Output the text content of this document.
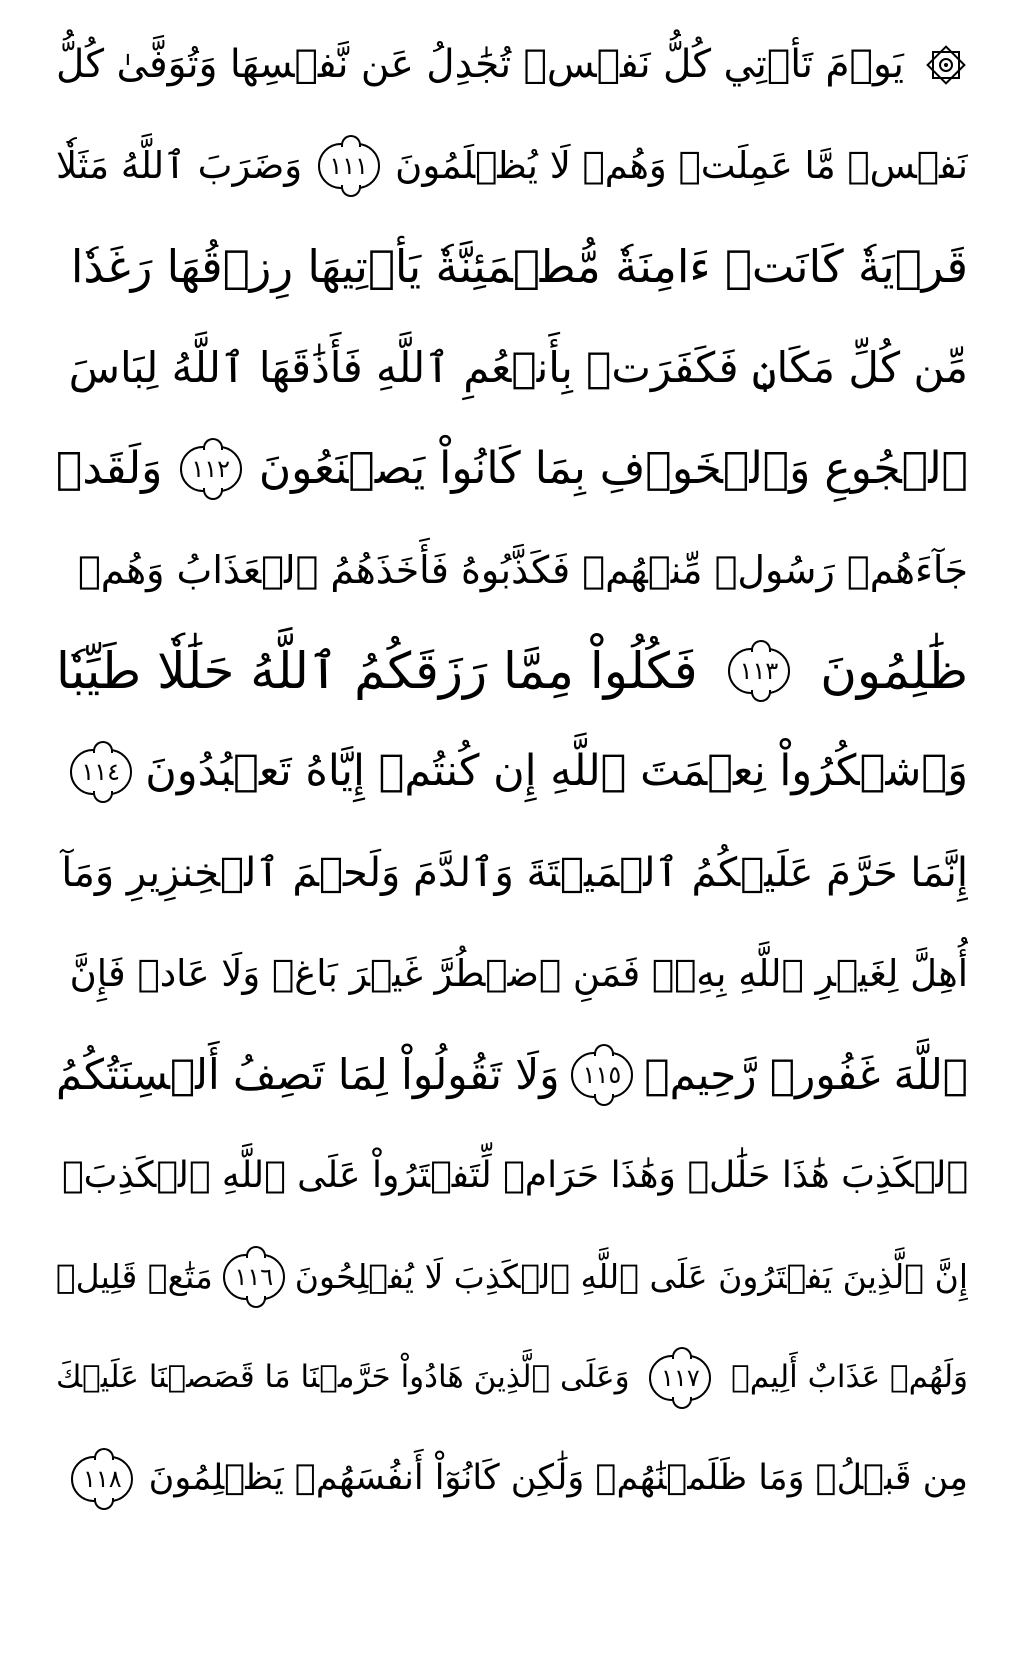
يَوۡمَ تَأۡتِي كُلُّ نَفۡسٖ تُجَٰدِلُ عَن نَّفۡسِهَا وَتُوَفَّىٰ كُلُّ
نَفۡسٖ مَّا عَمِلَتۡ وَهُمۡ لَا يُظۡلَمُونَ
١١١
وَضَرَبَ ٱللَّهُ مَثَلٗا
قَرۡيَةٗ كَانَتۡ ءَامِنَةٗ مُّطۡمَئِنَّةٗ يَأۡتِيهَا رِزۡقُهَا رَغَدٗا
مِّن كُلِّ مَكَانٖ فَكَفَرَتۡ بِأَنۡعُمِ ٱللَّهِ فَأَذَٰقَهَا ٱللَّهُ لِبَاسَ
ٱلۡجُوعِ وَٱلۡخَوۡفِ بِمَا كَانُواْ يَصۡنَعُونَ
١١٢
وَلَقَدۡ
جَآءَهُمۡ رَسُولٞ مِّنۡهُمۡ فَكَذَّبُوهُ فَأَخَذَهُمُ ٱلۡعَذَابُ وَهُمۡ
ظَٰلِمُونَ
١١٣
فَكُلُواْ مِمَّا رَزَقَكُمُ ٱللَّهُ حَلَٰلٗا طَيِّبٗا
وَٱشۡكُرُواْ نِعۡمَتَ ٱللَّهِ إِن كُنتُمۡ إِيَّاهُ تَعۡبُدُونَ
١١٤
إِنَّمَا حَرَّمَ عَلَيۡكُمُ ٱلۡمَيۡتَةَ وَٱلدَّمَ وَلَحۡمَ ٱلۡخِنزِيرِ وَمَآ
أُهِلَّ لِغَيۡرِ ٱللَّهِ بِهِۦۖ فَمَنِ ٱضۡطُرَّ غَيۡرَ بَاغٖ وَلَا عَادٖ فَإِنَّ
ٱللَّهَ غَفُورٞ رَّحِيمٞ
١١٥
وَلَا تَقُولُواْ لِمَا تَصِفُ أَلۡسِنَتُكُمُ
ٱلۡكَذِبَ هَٰذَا حَلَٰلٞ وَهَٰذَا حَرَامٞ لِّتَفۡتَرُواْ عَلَى ٱللَّهِ ٱلۡكَذِبَۚ
إِنَّ ٱلَّذِينَ يَفۡتَرُونَ عَلَى ٱللَّهِ ٱلۡكَذِبَ لَا يُفۡلِحُونَ
١١٦
مَتَٰعٞ قَلِيلٞ
وَلَهُمۡ عَذَابٌ أَلِيمٞ
١١٧
وَعَلَى ٱلَّذِينَ هَادُواْ حَرَّمۡنَا مَا قَصَصۡنَا عَلَيۡكَ
مِن قَبۡلُۖ وَمَا ظَلَمۡنَٰهُمۡ وَلَٰكِن كَانُوٓاْ أَنفُسَهُمۡ يَظۡلِمُونَ
١١٨
